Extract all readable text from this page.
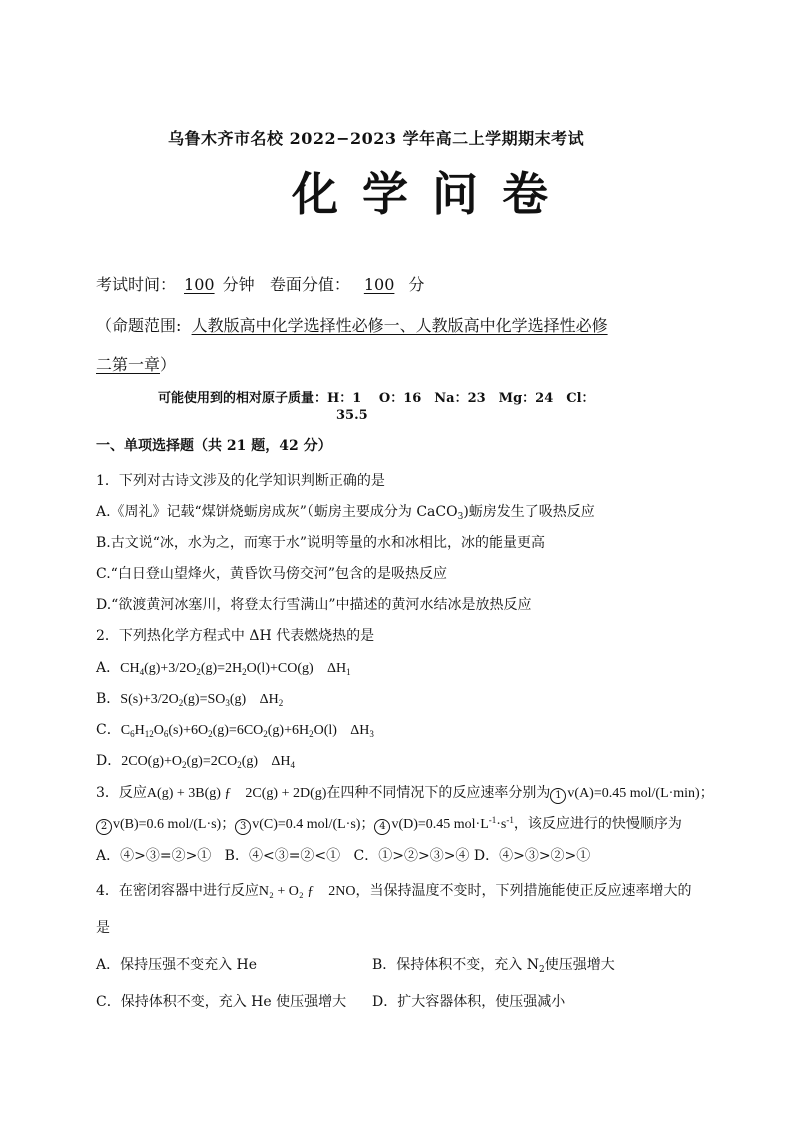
乌鲁木齐市名校 2022−2023 学年高二上学期期末考试
化 学 问 卷
考试时间： 100 分钟 卷面分值： 100 分
（命题范围: 人教版高中化学选择性必修一、人教版高中化学选择性必修
二第一章）
可能使用到的相对原子质量：H：1　 O：16　Na：23　Mg：24　Cl：
35.5
一、单项选择题（共 21 题，42 分）
1．下列对古诗文涉及的化学知识判断正确的是
A.《周礼》记载“煤饼烧蛎房成灰”（蛎房主要成分为 CaCO$_3$)蛎房发生了吸热反应
B.古文说“冰，水为之，而寒于水”说明等量的水和冰相比，冰的能量更高
C.“白日登山望烽火，黄昏饮马傍交河”包含的是吸热反应
D.“欲渡黄河冰塞川，将登太行雪满山”中描述的黄河水结冰是放热反应
2．下列热化学方程式中 ΔH 代表燃烧热的是
A．$CH_4(g)+3/2O_2(g)=2H_2O(l)+CO(g)$ $\Delta H_1$
B．$S(s)+3/2O_2(g)=SO_3(g)$ $\Delta H_2$
C．$C_6H_{12}O_6(s)+6O_2(g)=6CO_2(g)+6H_2O(l)$ $\Delta H_3$
D．$2CO(g)+O_2(g)=2CO_2(g)$ $\Delta H_4$
3．反应A(g) + 3B(g) ƒ　2C(g) + 2D(g)在四种不同情况下的反应速率分别为 1 v(A)=0.45 mol/(L·min)；
2 v(B)=0.6 mol/(L·s)； 3 v(C)=0.4 mol/(L·s)； 4 v(D)=0.45 $mol\cdot L^{-1}\cdot s^{-1}$，该反应进行的快慢顺序为
A．④>③=②>① B．④<③=②<① C．①>②>③>④ D．④>③>②>①
4．在密闭容器中进行反应N₂ + O₂ ƒ　2NO，当保持温度不变时，下列措施能使正反应速率增大的
是
A．保持压强不变充入 He	B．保持体积不变，充入 $N_2$使压强增大
C．保持体积不变，充入 He 使压强增大 D．扩大容器体积，使压强减小
